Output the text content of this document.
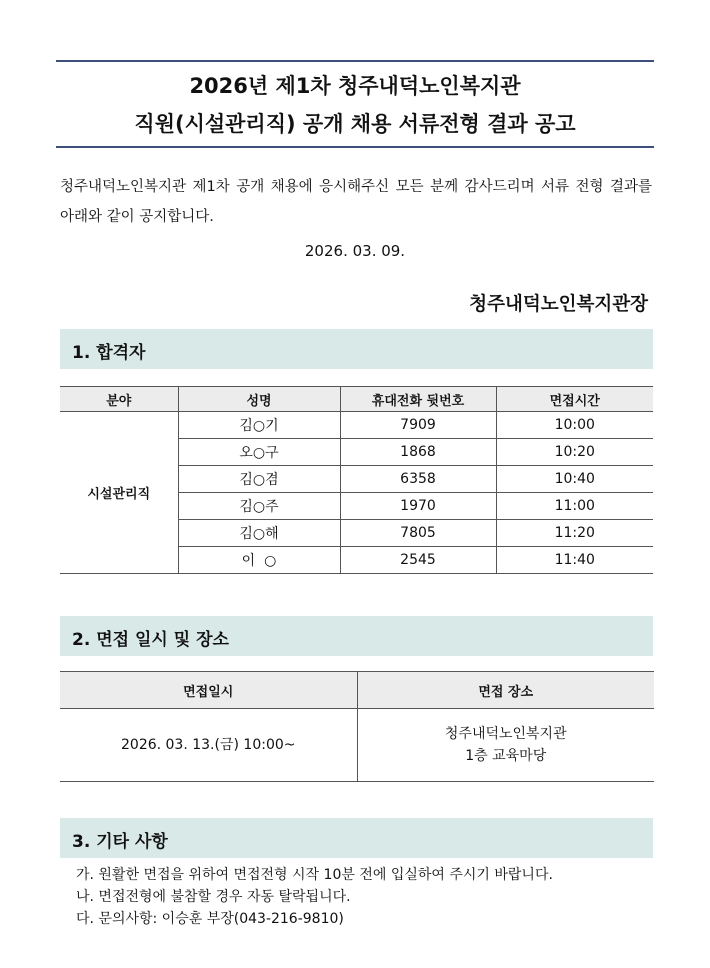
2026년 제1차 청주내덕노인복지관
직원(시설관리직) 공개 채용 서류전형 결과 공고
청주내덕노인복지관 제1차 공개 채용에 응시해주신 모든 분께 감사드리며 서류 전형 결과를 아래와 같이 공지합니다.
2026. 03. 09.
청주내덕노인복지관장
1. 합격자
분야	성명	휴대전화 뒷번호	면접시간
시설관리직	김○기	7909	10:00
	오○구	1868	10:20
	김○겸	6358	10:40
	김○주	1970	11:00
	김○해	7805	11:20
	이  ○	2545	11:40
2. 면접 일시 및 장소
면접일시	면접 장소
2026. 03. 13.(금) 10:00~	청주내덕노인복지관
1층 교육마당
3. 기타 사항
가. 원활한 면접을 위하여 면접전형 시작 10분 전에 입실하여 주시기 바랍니다.
나. 면접전형에 불참할 경우 자동 탈락됩니다.
다. 문의사항: 이승훈 부장(043-216-9810)
